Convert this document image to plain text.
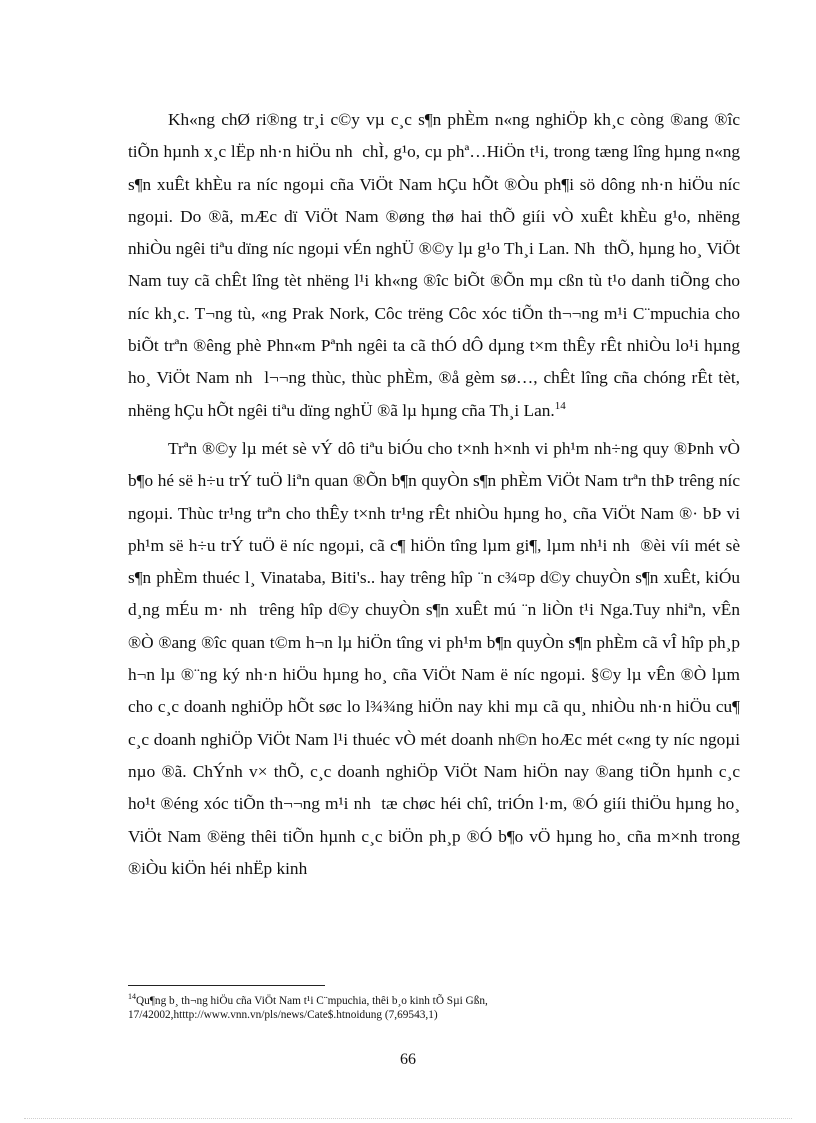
Kh«ng chØ ri®ng tr¸i c©y vµ c¸c s¶n phÈm n«ng nghiÖp kh¸c còng ®ang ®îc tiÕn hµnh x¸c lËp nh·n hiÖu nh  chÌ, g¹o, cµ phª…HiÖn t¹i, trong tæng lîng hµng n«ng s¶n xuÊt khÈu ra níc ngoµi cña ViÖt Nam hÇu hÕt ®Òu ph¶i sö dông nh·n hiÖu níc ngoµi. Do ®ã, mÆc dï ViÖt Nam ®øng thø hai thÕ giíi vÒ xuÊt khÈu g¹o, nhëng nhiÒu ngêi tiªu dïng níc ngoµi vÉn nghÜ ®©y lµ g¹o Th¸i Lan. Nh  thÕ, hµng ho¸ ViÖt Nam tuy cã chÊt lîng tèt nhëng l¹i kh«ng ®îc biÕt ®Õn mµ cßn tù t¹o danh tiÕng cho níc kh¸c. T¬ng tù, «ng Prak Nork, Côc trëng Côc xóc tiÕn th¬¬ng m¹i C¨mpuchia cho biÕt trªn ®êng phè Phn«m Pªnh ngêi ta cã thÓ dÔ dµng t×m thÊy rÊt nhiÒu lo¹i hµng ho¸ ViÖt Nam nh  l¬¬ng thùc, thùc phÈm, ®å gèm sø…, chÊt lîng cña chóng rÊt tèt, nhëng hÇu hÕt ngêi tiªu dïng nghÜ ®ã lµ hµng cña Th¸i Lan.$^{14}$

Trªn ®©y lµ mét sè vÝ dô tiªu biÓu cho t×nh h×nh vi ph¹m nh÷ng quy ®Þnh vÒ b¶o hé së h÷u trÝ tuÖ liªn quan ®Õn b¶n quyÒn s¶n phÈm ViÖt Nam trªn thÞ trêng níc ngoµi. Thùc tr¹ng trªn cho thÊy t×nh tr¹ng rÊt nhiÒu hµng ho¸ cña ViÖt Nam ®· bÞ vi ph¹m së h÷u trÝ tuÖ ë níc ngoµi, cã c¶ hiÖn tîng lµm gi¶, lµm nh¹i nh  ®èi víi mét sè s¶n phÈm thuéc l¸ Vinataba, Biti's.. hay trêng hîp ¨n c¾¤p d©y chuyÒn s¶n xuÊt, kiÓu d¸ng mÉu m· nh  trêng hîp d©y chuyÒn s¶n xuÊt mú ¨n liÒn t¹i Nga.Tuy nhiªn, vÊn ®Ò ®ang ®îc quan t©m h¬n lµ hiÖn tîng vi ph¹m b¶n quyÒn s¶n phÈm cã vÎ hîp ph¸p h¬n lµ ®¨ng ký nh·n hiÖu hµng ho¸ cña ViÖt Nam ë níc ngoµi. §©y lµ vÊn ®Ò lµm cho c¸c doanh nghiÖp hÕt søc lo l¾¾ng hiÖn nay khi mµ cã qu¸ nhiÒu nh·n hiÖu cu¶ c¸c doanh nghiÖp ViÖt Nam l¹i thuéc vÒ mét doanh nh©n hoÆc mét c«ng ty níc ngoµi nµo ®ã. ChÝnh v× thÕ, c¸c doanh nghiÖp ViÖt Nam hiÖn nay ®ang tiÕn hµnh c¸c ho¹t ®éng xóc tiÕn th¬¬ng m¹i nh  tæ chøc héi chî, triÓn l·m, ®Ó giíi thiÖu hµng ho¸ ViÖt Nam ®ëng thêi tiÕn hµnh c¸c biÖn ph¸p ®Ó b¶o vÖ hµng ho¸ cña m×nh trong ®iÒu kiÖn héi nhËp kinh

$^{14}$Qu¶ng b¸ th¬ng hiÖu cña ViÖt Nam t¹i C¨mpuchia, thêi b¸o kinh tÕ Sµi Gßn, 17/42002,htttp://www.vnn.vn/pls/news/Cate$.htnoidung (7,69543,1)
66
